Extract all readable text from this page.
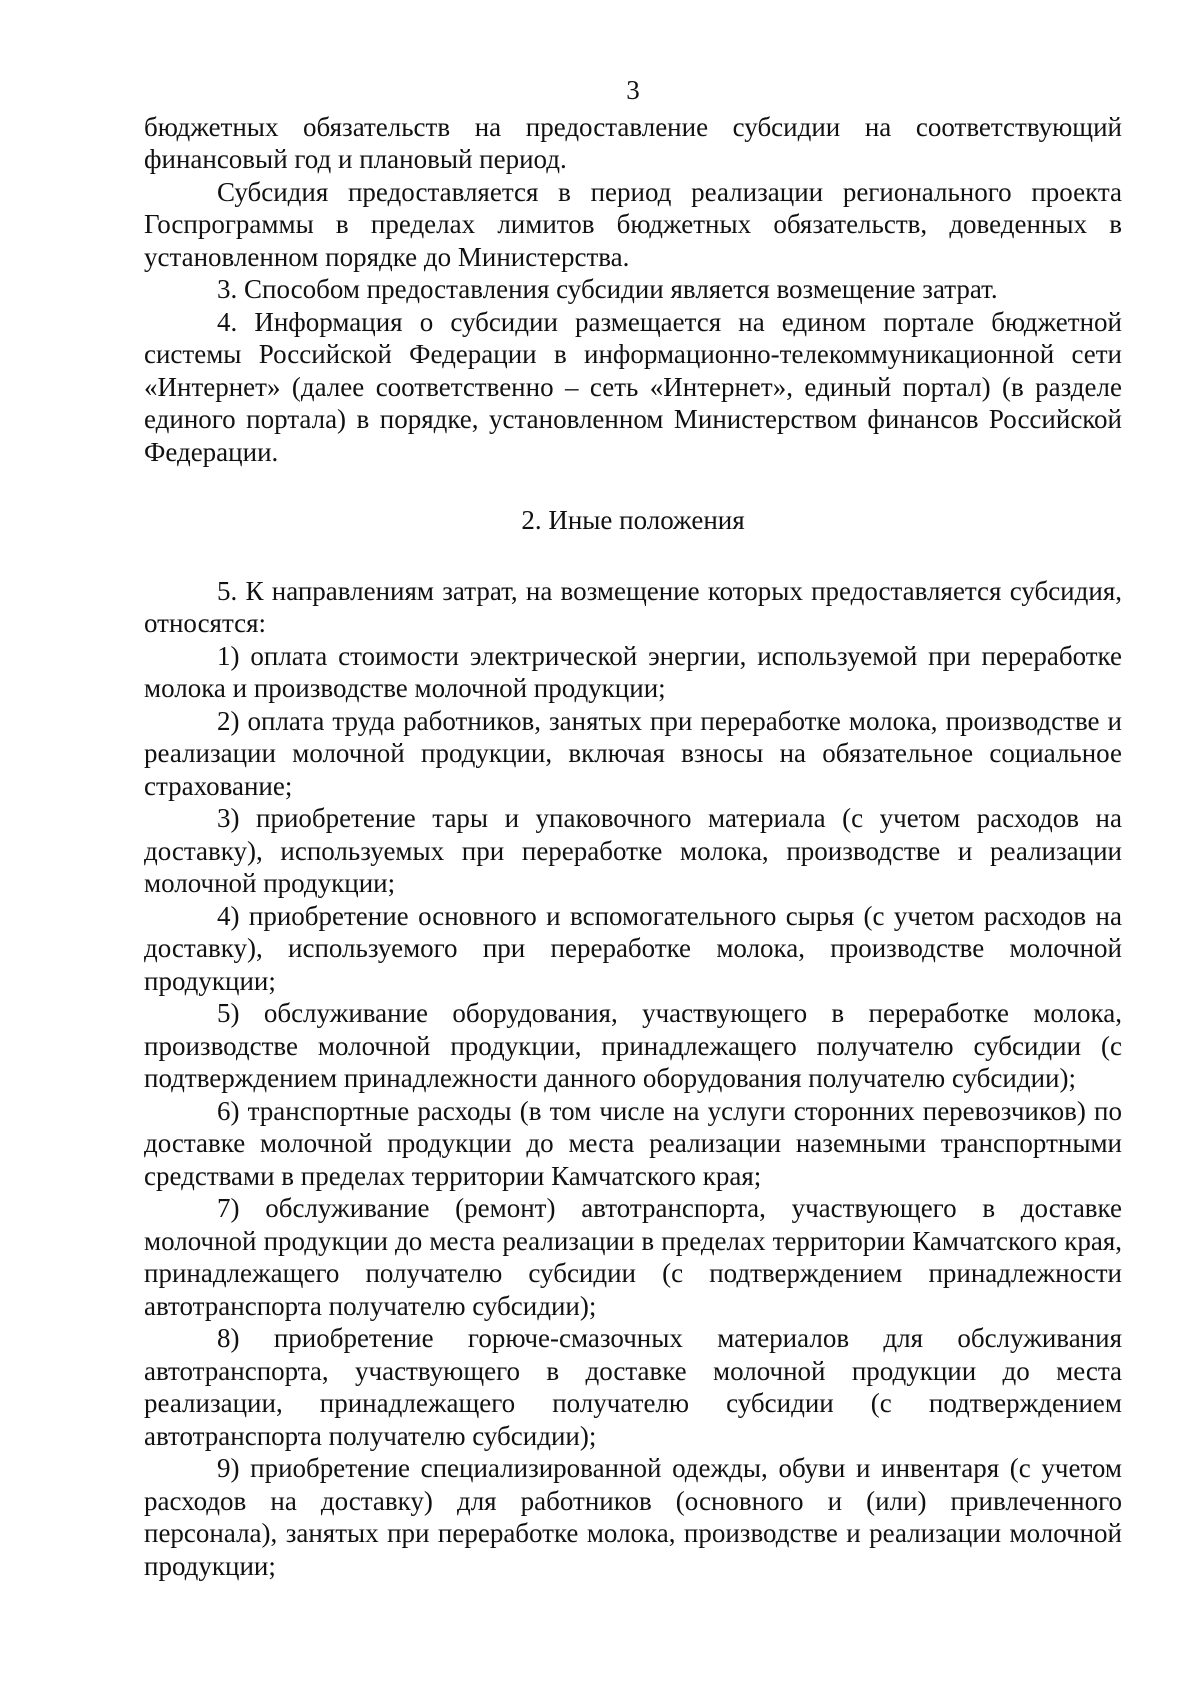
3

бюджетных обязательств на предоставление субсидии на соответствующий финансовый год и плановый период.

Субсидия предоставляется в период реализации регионального проекта Госпрограммы в пределах лимитов бюджетных обязательств, доведенных в установленном порядке до Министерства.

3. Способом предоставления субсидии является возмещение затрат.

4. Информация о субсидии размещается на едином портале бюджетной системы Российской Федерации в информационно-телекоммуникационной сети «Интернет» (далее соответственно – сеть «Интернет», единый портал) (в разделе единого портала) в порядке, установленном Министерством финансов Российской Федерации.

2. Иные положения

5. К направлениям затрат, на возмещение которых предоставляется субсидия, относятся:

1) оплата стоимости электрической энергии, используемой при переработке молока и производстве молочной продукции;

2) оплата труда работников, занятых при переработке молока, производстве и реализации молочной продукции, включая взносы на обязательное социальное страхование;

3) приобретение тары и упаковочного материала (с учетом расходов на доставку), используемых при переработке молока, производстве и реализации молочной продукции;

4) приобретение основного и вспомогательного сырья (с учетом расходов на доставку), используемого при переработке молока, производстве молочной продукции;

5) обслуживание оборудования, участвующего в переработке молока, производстве молочной продукции, принадлежащего получателю субсидии (с подтверждением принадлежности данного оборудования получателю субсидии);

6) транспортные расходы (в том числе на услуги сторонних перевозчиков) по доставке молочной продукции до места реализации наземными транспортными средствами в пределах территории Камчатского края;

7) обслуживание (ремонт) автотранспорта, участвующего в доставке молочной продукции до места реализации в пределах территории Камчатского края, принадлежащего получателю субсидии (с подтверждением принадлежности автотранспорта получателю субсидии);

8) приобретение горюче-смазочных материалов для обслуживания автотранспорта, участвующего в доставке молочной продукции до места реализации, принадлежащего получателю субсидии (с подтверждением автотранспорта получателю субсидии);

9) приобретение специализированной одежды, обуви и инвентаря (с учетом расходов на доставку) для работников (основного и (или) привлеченного персонала), занятых при переработке молока, производстве и реализации молочной продукции;
